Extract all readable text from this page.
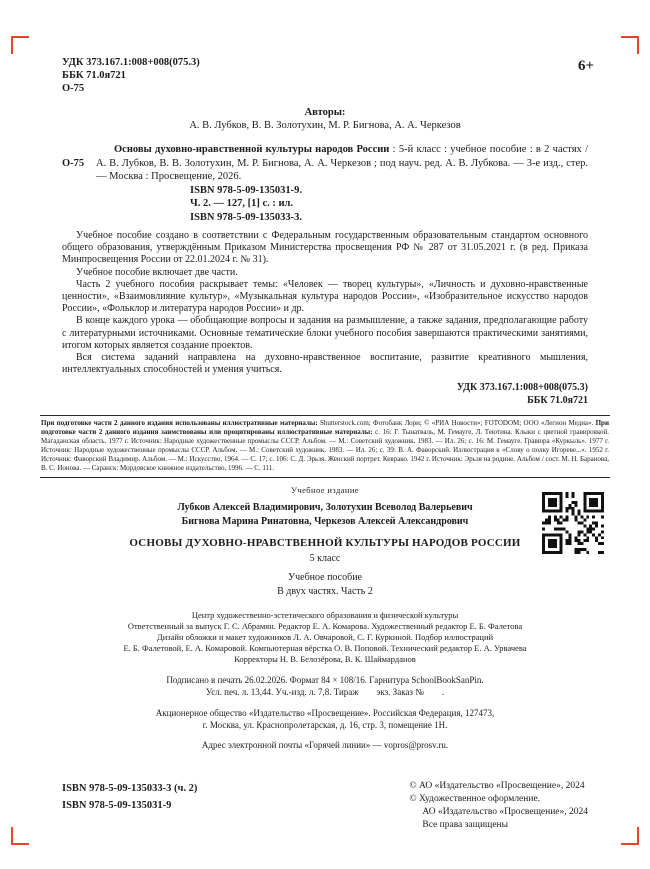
УДК 373.167.1:008+008(075.3)
ББК 71.0я721
О-75
6+
Авторы:
А. В. Лубков, В. В. Золотухин, М. Р. Бигнова, А. А. Черкезов
О-75
Основы духовно-нравственной культуры народов России : 5-й класс : учебное пособие : в 2 частях / А. В. Лубков, В. В. Золотухин, М. Р. Бигнова, А. А. Черкезов ; под науч. ред. А. В. Лубкова. — 3-е изд., стер. — Москва : Просвещение, 2026.
ISBN 978-5-09-135031-9.
Ч. 2. — 127, [1] с. : ил.
ISBN 978-5-09-135033-3.

Учебное пособие создано в соответствии с Федеральным государственным образовательным стандартом основного общего образования, утверждённым Приказом Министерства просвещения РФ № 287 от 31.05.2021 г. (в ред. Приказа Минпросвещения России от 22.01.2024 г. № 31).

Учебное пособие включает две части.

Часть 2 учебного пособия раскрывает темы: «Человек — творец культуры», «Личность и духовно-нравственные ценности», «Взаимовлияние культур», «Музыкальная культура народов России», «Изобразительное искусство народов России», «Фольклор и литература народов России» и др.

В конце каждого урока — обобщающие вопросы и задания на размышление, а также задания, предполагающие работу с литературными источниками. Основные тематические блоки учебного пособия завершаются практическими занятиями, итогом которых является создание проектов.

Вся система заданий направлена на духовно-нравственное воспитание, развитие креативного мышления, интеллектуальных способностей и умения учиться.

УДК 373.167.1:008+008(075.3)
ББК 71.0я721
При подготовке части 2 данного издания использованы иллюстративные материалы: Shutterstock.com; Фотобанк Лори; © «РИА Новости»; FOTODOM; ООО «Легион Медиа». При подготовке части 2 данного издания заимствованы или процитированы иллюстративные материалы: с. 16: Г. Тынатваль, М. Гемауге, Л. Теютина. Клыки с цветной гравировкой. Магаданская область. 1977 г. Источник: Народные художественные промыслы СССР. Альбом. — М.: Советский художник, 1983. — Ил. 26; с. 16: М. Гемауге. Гравюра «Куркыль». 1977 г. Источник: Народные художественные промыслы СССР. Альбом. — М.: Советский художник, 1983. — Ил. 26; с. 39: В. А. Фаворский. Иллюстрация к «Слову о полку Игореве...». 1952 г. Источник: Фаворский Владимир. Альбом. — М.: Искусство, 1964. — С. 17; с. 106: С. Д. Эрьзя. Женский портрет. Кеврако. 1942 г. Источник: Эрьзя на родине. Альбом / сост. М. Н. Баранова, В. С. Ионова. — Саранск: Мордовское книжное издательство, 1996. — С. 111.
Учебное издание
Лубков Алексей Владимирович, Золотухин Всеволод Валерьевич
Бигнова Марина Ринатовна, Черкезов Алексей Александрович
ОСНОВЫ ДУХОВНО-НРАВСТВЕННОЙ КУЛЬТУРЫ НАРОДОВ РОССИИ
5 класс
Учебное пособие
В двух частях. Часть 2
Центр художественно-эстетического образования и физической культуры
Ответственный за выпуск Г. С. Абрамян. Редактор Е. А. Комарова. Художественный редактор Е. Б. Фалетова
Дизайн обложки и макет художников Л. А. Овчаровой, С. Г. Куркиной. Подбор иллюстраций
Е. Б. Фалетовой, Е. А. Комаровой. Компьютерная вёрстка О. В. Поповой. Технический редактор Е. А. Урвачева
Корректоры Н. В. Белозёрова, В. К. Шаймарданов
Подписано в печать 26.02.2026. Формат 84 × 108/16. Гарнитура SchoolBookSanPin.
Усл. печ. л. 13,44. Уч.-изд. л. 7,8. Тираж        экз. Заказ №        .
Акционерное общество «Издательство «Просвещение». Российская Федерация, 127473,
г. Москва, ул. Краснопролетарская, д. 16, стр. 3, помещение 1Н.
Адрес электронной почты «Горячей линии» — vopros@prosv.ru.
ISBN 978-5-09-135033-3 (ч. 2)
ISBN 978-5-09-135031-9
© АО «Издательство «Просвещение», 2024
© Художественное оформление.
АО «Издательство «Просвещение», 2024
Все права защищены
